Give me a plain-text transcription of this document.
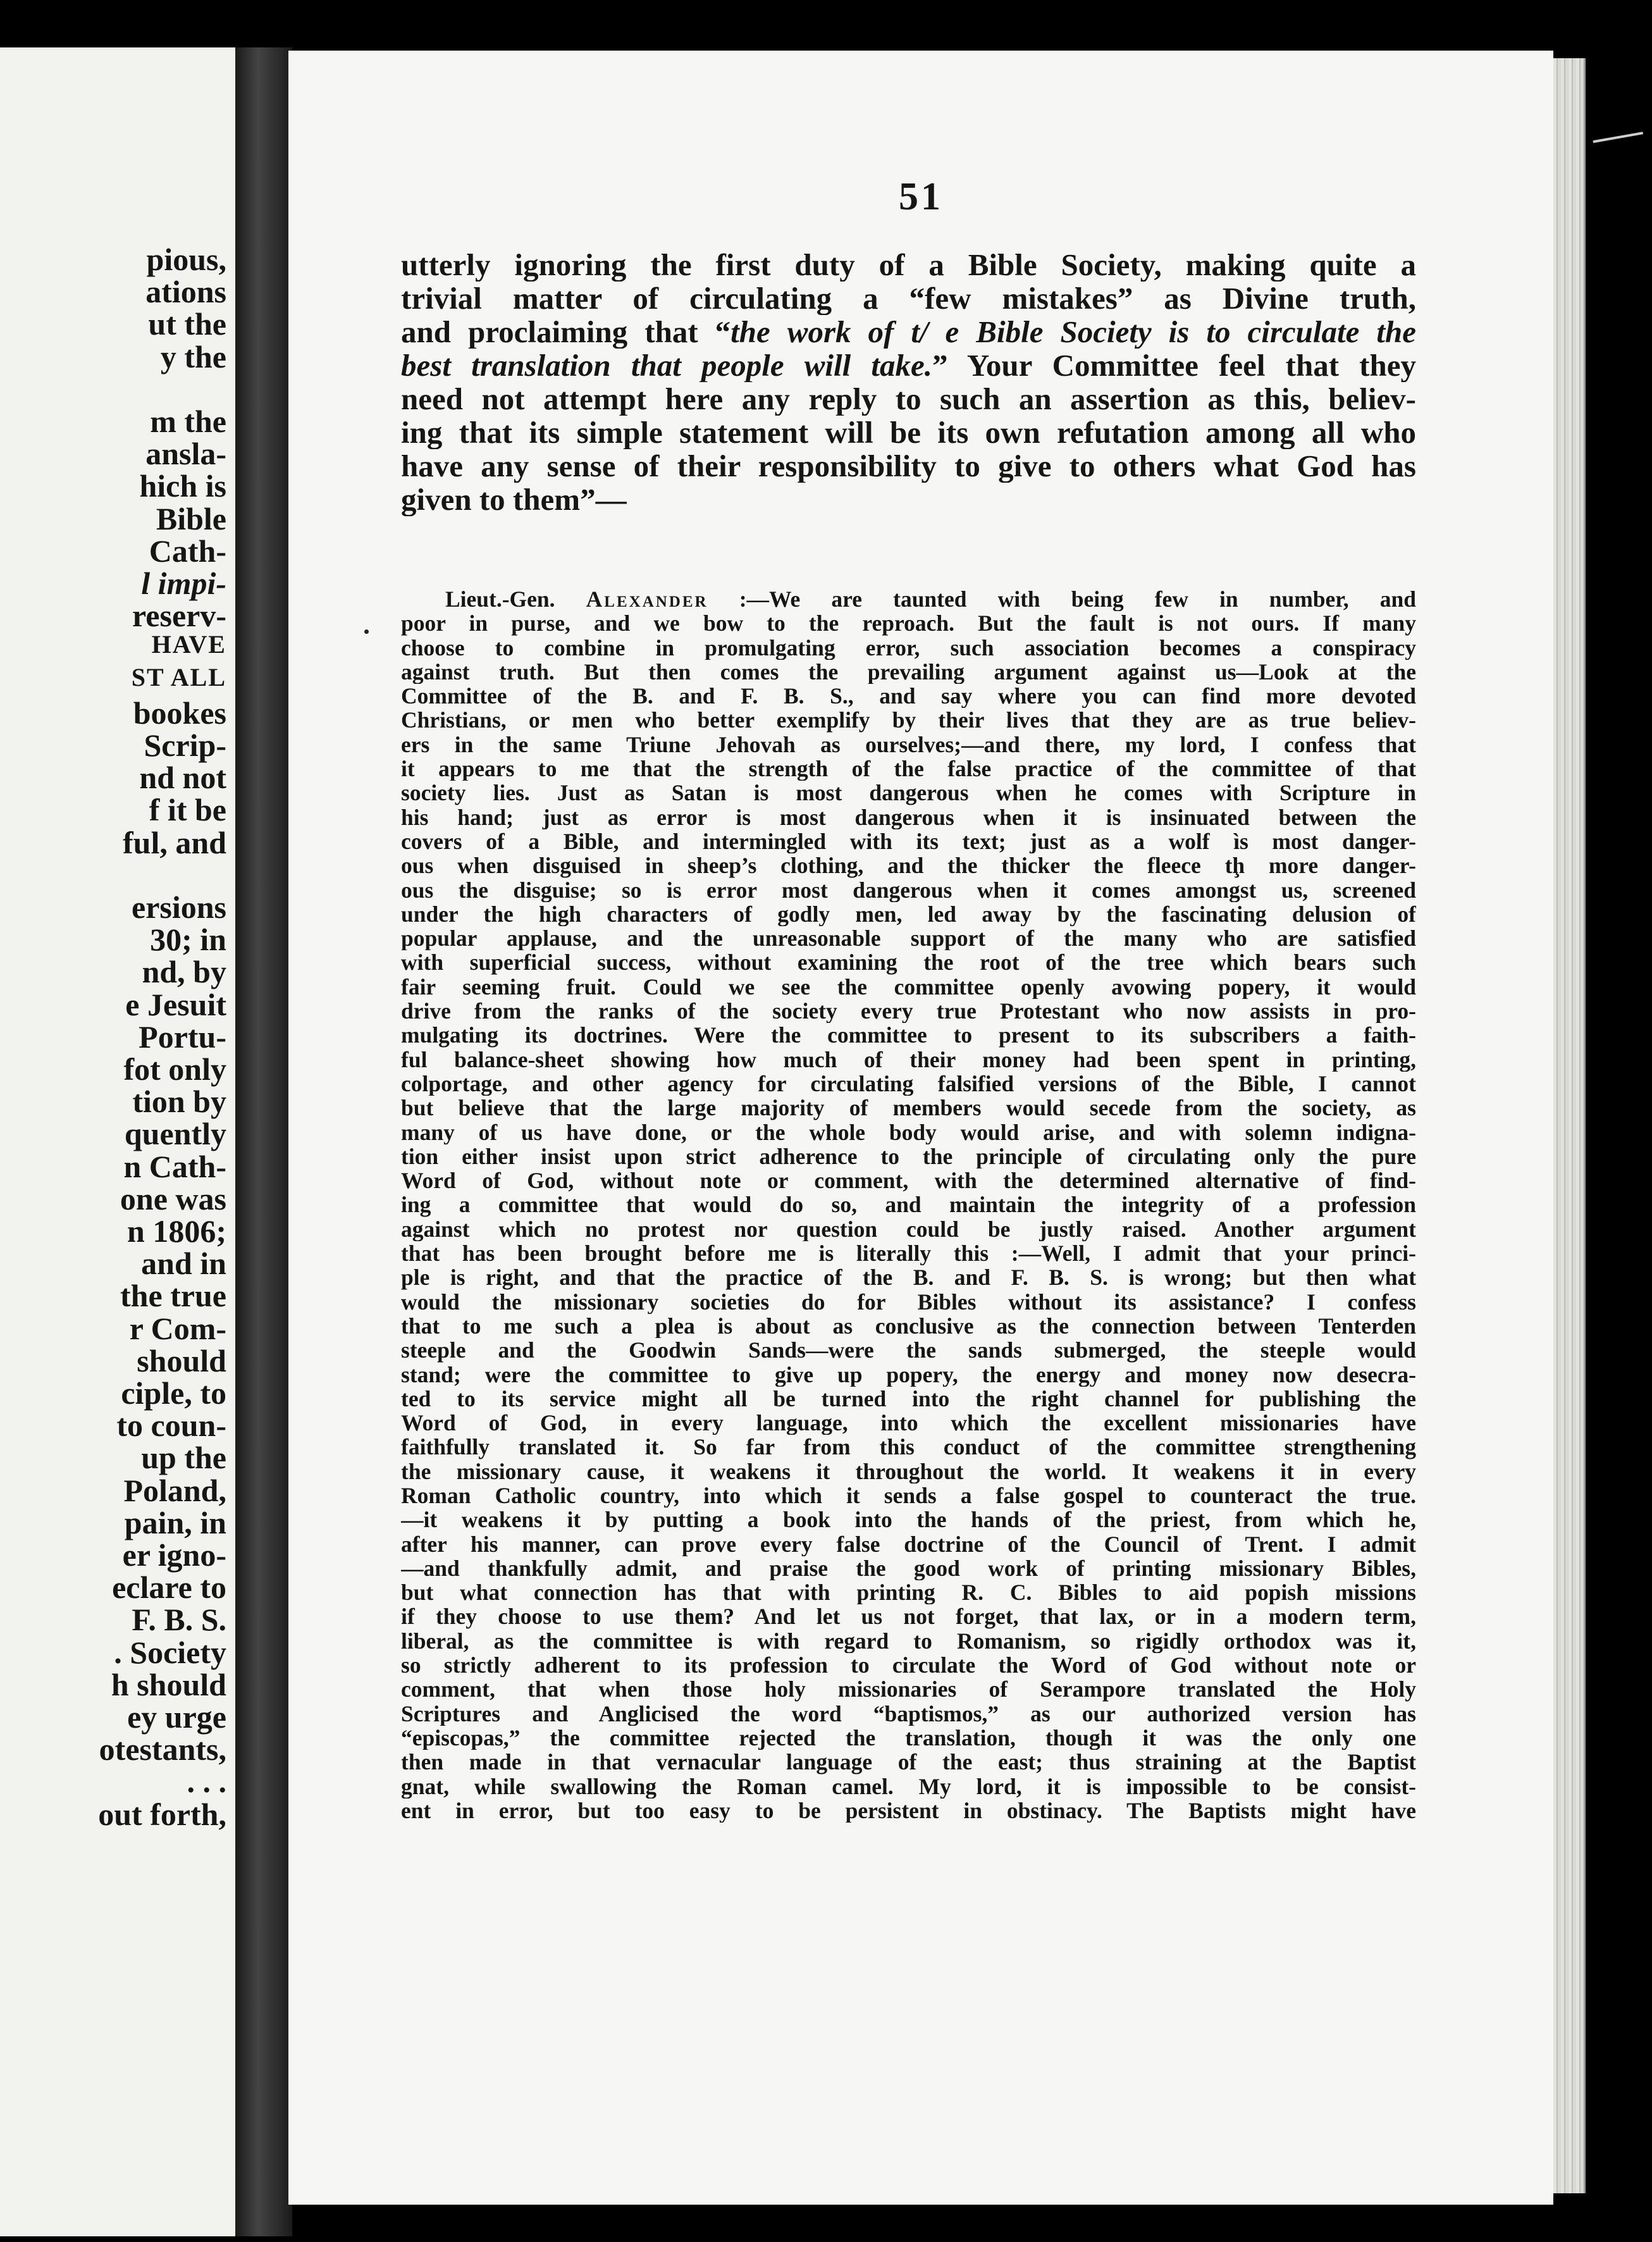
pious,
ations
ut the
y the
m the
ansla-
hich is
Bible
Cath-
l impi-
reserv-
HAVE
ST ALL
bookes
Scrip-
nd not
f it be
ful, and
ersions
30; in
nd, by
e Jesuit
Portu-
fot only
tion by
quently
n Cath-
one was
n 1806;
and in
the true
r Com-
should
ciple, to
to coun-
up the
Poland,
pain, in
er igno-
eclare to
F. B. S.
. Society
h should
ey urge
otestants,
. . .
out forth,
51
utterly ignoring the first duty of a Bible Society, making quite a
trivial matter of circulating a “few mistakes” as Divine truth,
and proclaiming that “the work of t/ e Bible Society is to circulate the
best translation that people will take.” Your Committee feel that they
need not attempt here any reply to such an assertion as this, believ-
ing that its simple statement will be its own refutation among all who
have any sense of their responsibility to give to others what God has
given to them”—
Lieut.-Gen. Alexander :—We are taunted with being few in number, and
poor in purse, and we bow to the reproach. But the fault is not ours. If many
choose to combine in promulgating error, such association becomes a conspiracy
against truth. But then comes the prevailing argument against us—Look at the
Committee of the B. and F. B. S., and say where you can find more devoted
Christians, or men who better exemplify by their lives that they are as true believ-
ers in the same Triune Jehovah as ourselves;—and there, my lord, I confess that
it appears to me that the strength of the false practice of the committee of that
society lies. Just as Satan is most dangerous when he comes with Scripture in
his hand; just as error is most dangerous when it is insinuated between the
covers of a Bible, and intermingled with its text; just as a wolf ìs most danger-
ous when disguised in sheep’s clothing, and the thicker the fleece tḩ more danger-
ous the disguise; so is error most dangerous when it comes amongst us, screened
under the high characters of godly men, led away by the fascinating delusion of
popular applause, and the unreasonable support of the many who are satisfied
with superficial success, without examining the root of the tree which bears such
fair seeming fruit. Could we see the committee openly avowing popery, it would
drive from the ranks of the society every true Protestant who now assists in pro-
mulgating its doctrines. Were the committee to present to its subscribers a faith-
ful balance-sheet showing how much of their money had been spent in printing,
colportage, and other agency for circulating falsified versions of the Bible, I cannot
but believe that the large majority of members would secede from the society, as
many of us have done, or the whole body would arise, and with solemn indigna-
tion either insist upon strict adherence to the principle of circulating only the pure
Word of God, without note or comment, with the determined alternative of find-
ing a committee that would do so, and maintain the integrity of a profession
against which no protest nor question could be justly raised. Another argument
that has been brought before me is literally this :—Well, I admit that your princi-
ple is right, and that the practice of the B. and F. B. S. is wrong; but then what
would the missionary societies do for Bibles without its assistance? I confess
that to me such a plea is about as conclusive as the connection between Tenterden
steeple and the Goodwin Sands—were the sands submerged, the steeple would
stand; were the committee to give up popery, the energy and money now desecra-
ted to its service might all be turned into the right channel for publishing the
Word of God, in every language, into which the excellent missionaries have
faithfully translated it. So far from this conduct of the committee strengthening
the missionary cause, it weakens it throughout the world. It weakens it in every
Roman Catholic country, into which it sends a false gospel to counteract the true.
—it weakens it by putting a book into the hands of the priest, from which he,
after his manner, can prove every false doctrine of the Council of Trent. I admit
—and thankfully admit, and praise the good work of printing missionary Bibles,
but what connection has that with printing R. C. Bibles to aid popish missions
if they choose to use them? And let us not forget, that lax, or in a modern term,
liberal, as the committee is with regard to Romanism, so rigidly orthodox was it,
so strictly adherent to its profession to circulate the Word of God without note or
comment, that when those holy missionaries of Serampore translated the Holy
Scriptures and Anglicised the word “baptismos,” as our authorized version has
“episcopas,” the committee rejected the translation, though it was the only one
then made in that vernacular language of the east; thus straining at the Baptist
gnat, while swallowing the Roman camel. My lord, it is impossible to be consist-
ent in error, but too easy to be persistent in obstinacy. The Baptists might have
